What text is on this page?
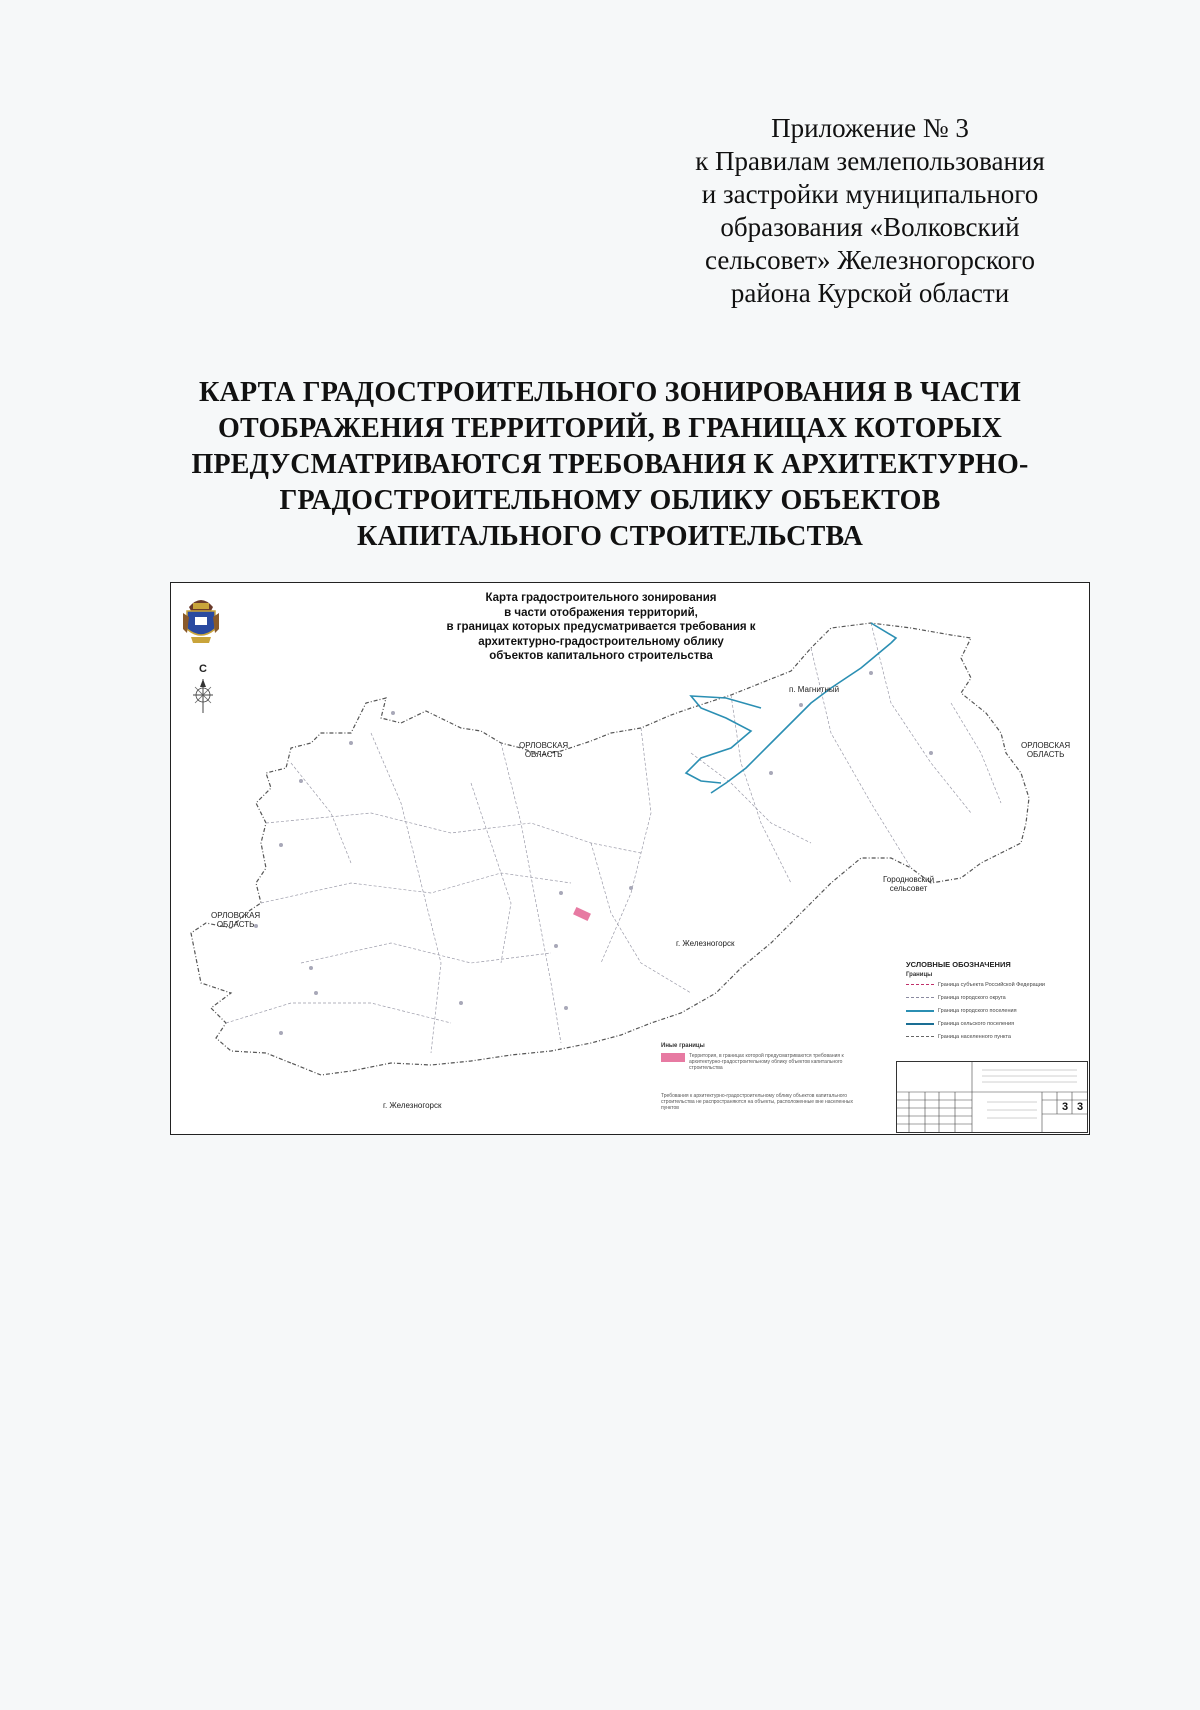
Приложение № 3
к Правилам землепользования
и застройки муниципального
образования «Волковский
сельсовет» Железногорского
района Курской области
КАРТА ГРАДОСТРОИТЕЛЬНОГО ЗОНИРОВАНИЯ В ЧАСТИ
ОТОБРАЖЕНИЯ ТЕРРИТОРИЙ, В ГРАНИЦАХ КОТОРЫХ
ПРЕДУСМАТРИВАЮТСЯ ТРЕБОВАНИЯ К АРХИТЕКТУРНО-
ГРАДОСТРОИТЕЛЬНОМУ ОБЛИКУ ОБЪЕКТОВ
КАПИТАЛЬНОГО СТРОИТЕЛЬСТВА
С
Карта градостроительного зонирования
в части отображения территорий,
в границах которых предусматривается требования к
архитектурно-градостроительному облику
объектов капитального строительства
п. Магнитный
ОРЛОВСКАЯ
ОБЛАСТЬ
ОРЛОВСКАЯ
ОБЛАСТЬ
ОРЛОВСКАЯ
ОБЛАСТЬ
Городновский
сельсовет
г. Железногорск
г. Железногорск
УСЛОВНЫЕ ОБОЗНАЧЕНИЯ
Границы
Граница субъекта Российской Федерации
Граница городского округа
Граница городского поселения
Граница сельского поселения
Граница населенного пункта
Иные границы
Территория, в границах которой предусматриваются требования к архитектурно-градостроительному облику объектов капитального строительства
Требования к архитектурно-градостроительному облику объектов капитального строительства не распространяются на объекты, расположенные вне населенных пунктов	3 3
